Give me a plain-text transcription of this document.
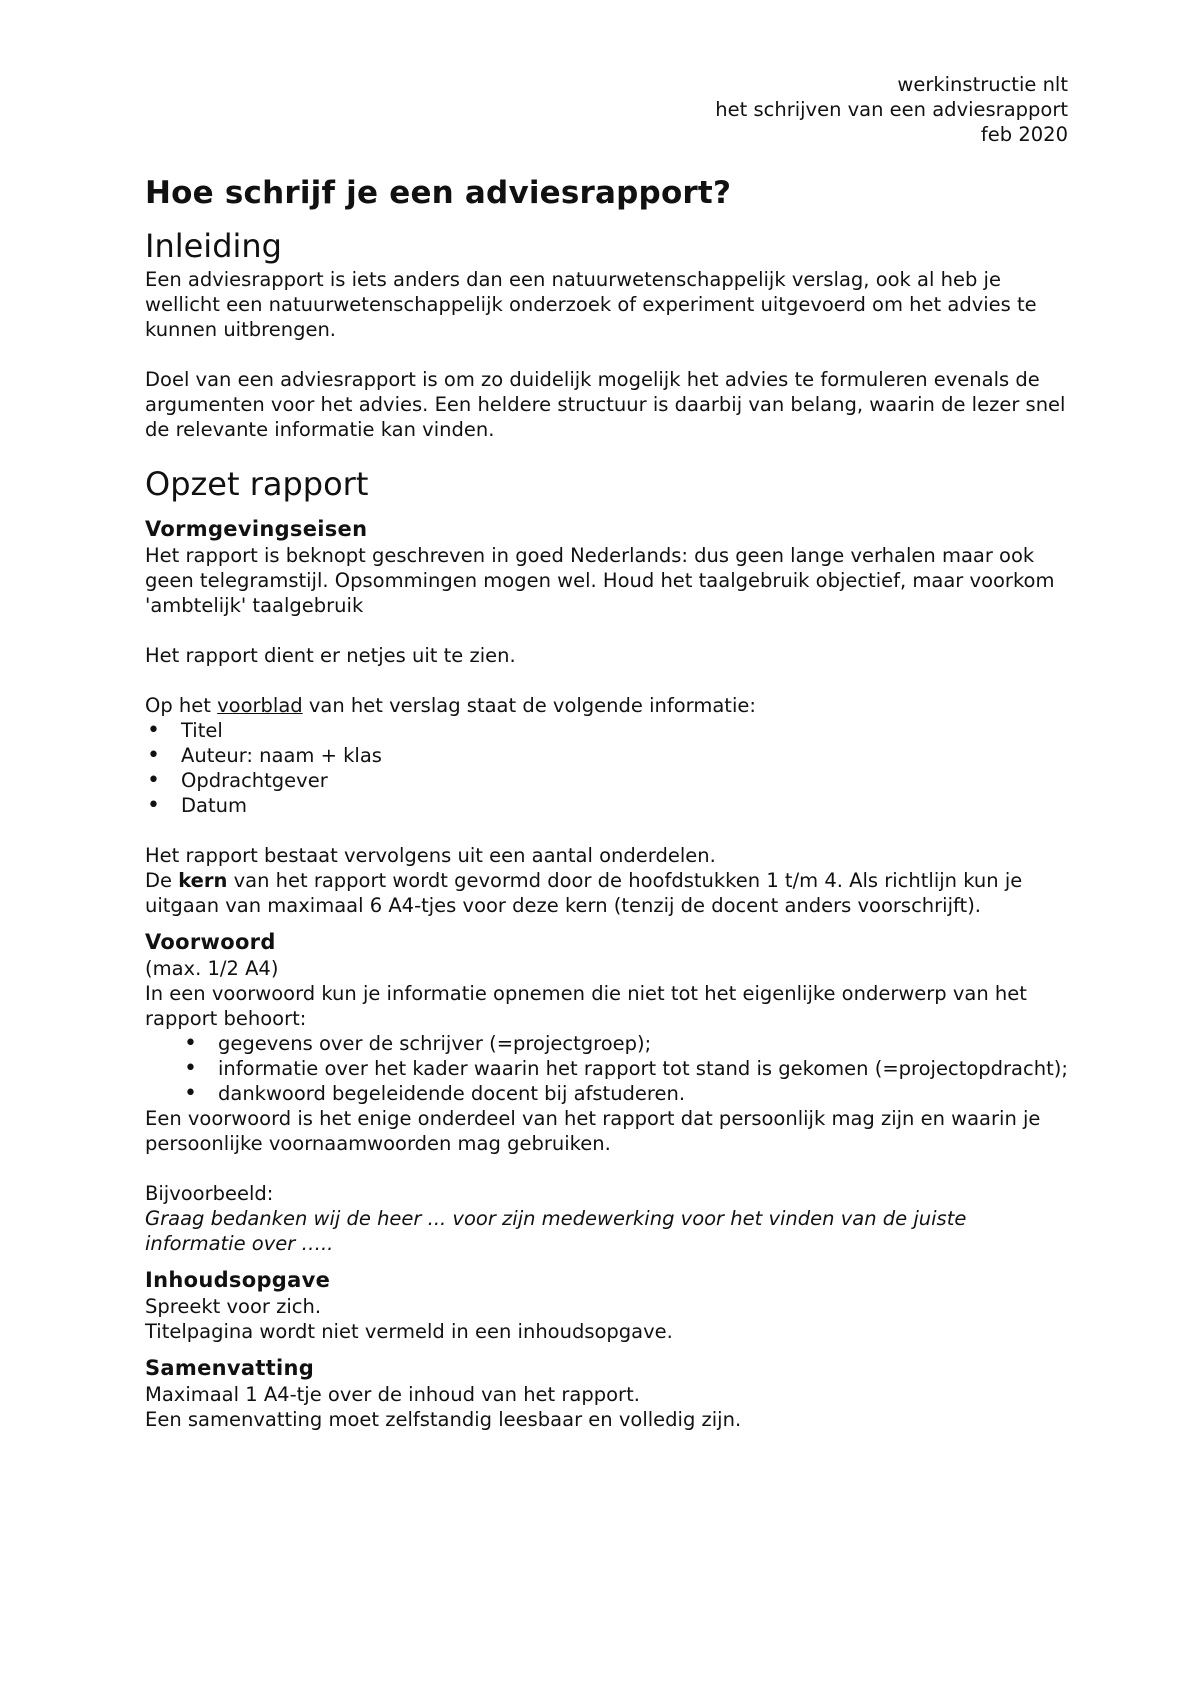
werkinstructie nlt
het schrijven van een adviesrapport
feb 2020
Hoe schrijf je een adviesrapport?
Inleiding

Een adviesrapport is iets anders dan een natuurwetenschappelijk verslag, ook al heb je wellicht een natuurwetenschappelijk onderzoek of experiment uitgevoerd om het advies te kunnen uitbrengen.

Doel van een adviesrapport is om zo duidelijk mogelijk het advies te formuleren evenals de argumenten voor het advies. Een heldere structuur is daarbij van belang, waarin de lezer snel de relevante informatie kan vinden.

Opzet rapport
Vormgevingseisen

Het rapport is beknopt geschreven in goed Nederlands: dus geen lange verhalen maar ook geen telegramstijl. Opsommingen mogen wel. Houd het taalgebruik objectief, maar voorkom 'ambtelijk' taalgebruik

Het rapport dient er netjes uit te zien.

Op het voorblad van het verslag staat de volgende informatie:

• Titel
• Auteur: naam + klas
• Opdrachtgever
• Datum

Het rapport bestaat vervolgens uit een aantal onderdelen.

De kern van het rapport wordt gevormd door de hoofdstukken 1 t/m 4. Als richtlijn kun je uitgaan van maximaal 6 A4-tjes voor deze kern (tenzij de docent anders voorschrijft).

Voorwoord

(max. 1/2 A4)

In een voorwoord kun je informatie opnemen die niet tot het eigenlijke onderwerp van het rapport behoort:

• gegevens over de schrijver (=projectgroep);
• informatie over het kader waarin het rapport tot stand is gekomen (=projectopdracht);
• dankwoord begeleidende docent bij afstuderen.

Een voorwoord is het enige onderdeel van het rapport dat persoonlijk mag zijn en waarin je persoonlijke voornaamwoorden mag gebruiken.

Bijvoorbeeld:

Graag bedanken wij de heer ... voor zijn medewerking voor het vinden van de juiste informatie over …..

Inhoudsopgave

Spreekt voor zich.

Titelpagina wordt niet vermeld in een inhoudsopgave.

Samenvatting

Maximaal 1 A4-tje over de inhoud van het rapport.

Een samenvatting moet zelfstandig leesbaar en volledig zijn.
